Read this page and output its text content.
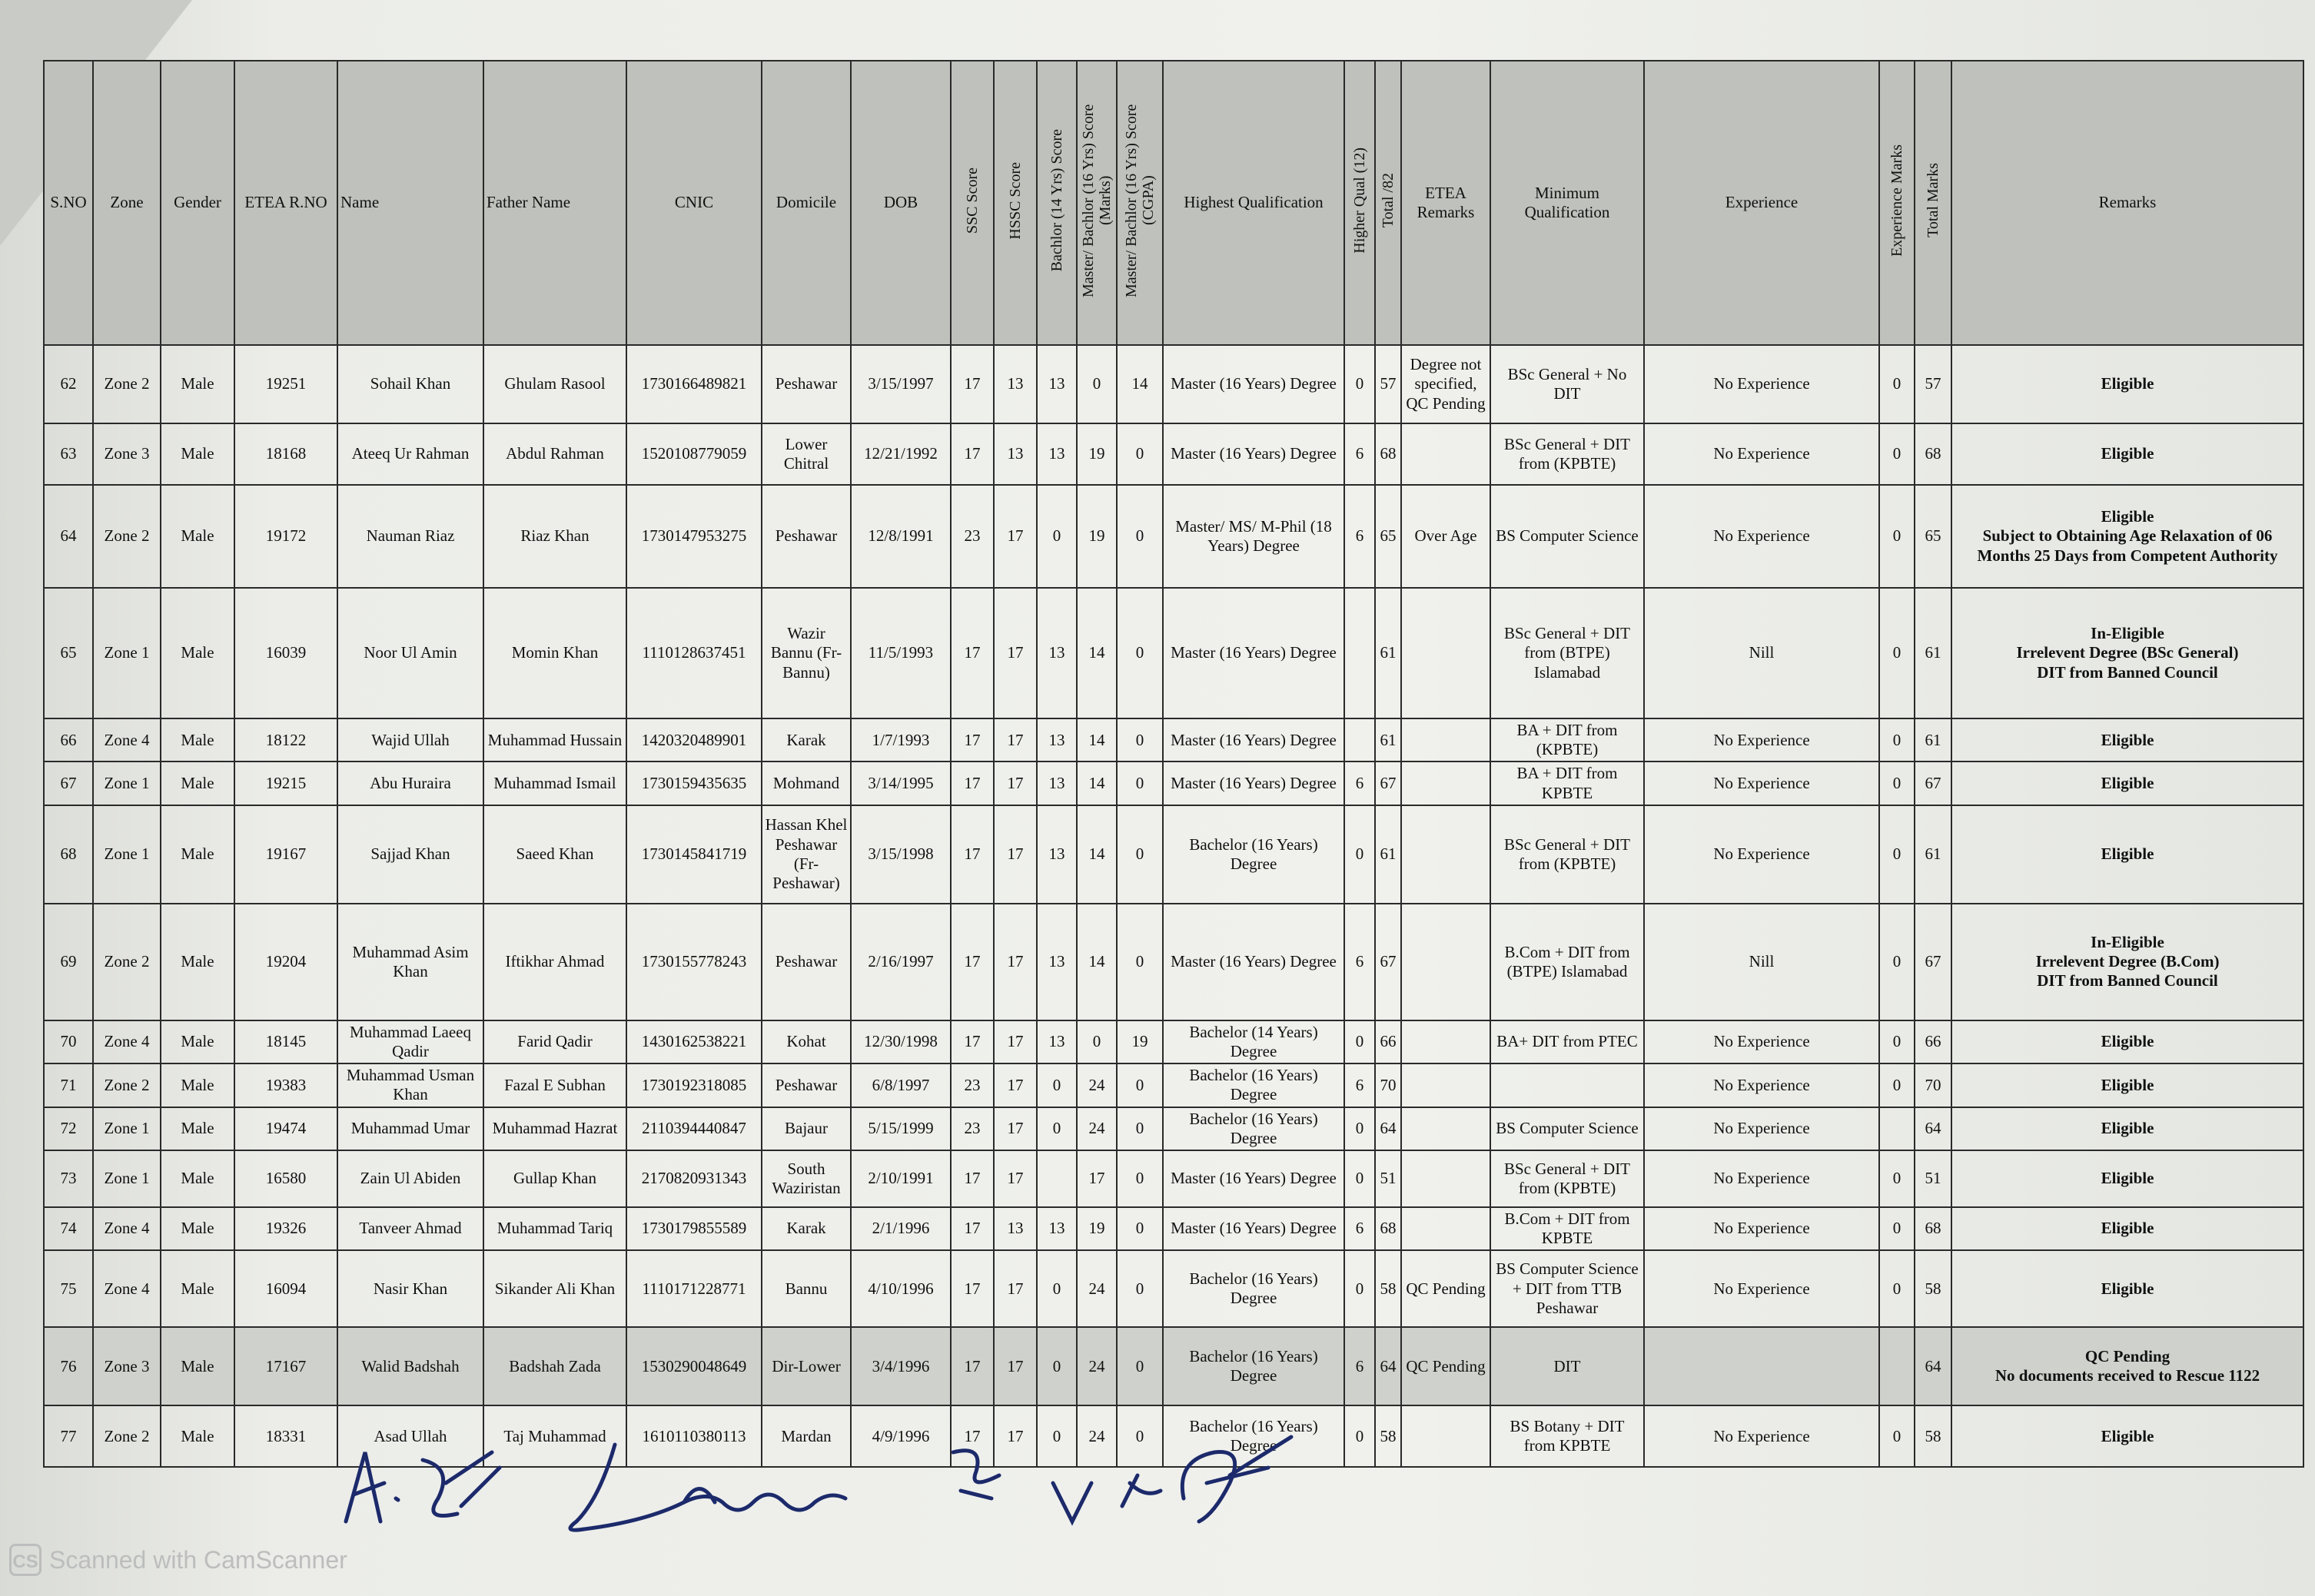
S.NO	Zone	Gender	ETEA R.NO	Name	Father Name	CNIC	Domicile	DOB	SSC Score	HSSC Score	Bachlor (14 Yrs) Score	Master/ Bachlor (16 Yrs) Score (Marks)	Master/ Bachlor (16 Yrs) Score (CGPA)	Highest Qualification	Higher Qual (12)	Total /82	ETEA Remarks	Minimum Qualification	Experience	Experience Marks	Total Marks	Remarks
62	Zone 2	Male	19251	Sohail Khan	Ghulam Rasool	1730166489821	Peshawar	3/15/1997	17	13	13	0	14	Master (16 Years) Degree	0	57	Degree not specified, QC Pending	BSc General + No DIT	No Experience	0	57	Eligible
63	Zone 3	Male	18168	Ateeq Ur Rahman	Abdul Rahman	1520108779059	Lower Chitral	12/21/1992	17	13	13	19	0	Master (16 Years) Degree	6	68		BSc General + DIT from (KPBTE)	No Experience	0	68	Eligible
64	Zone 2	Male	19172	Nauman Riaz	Riaz Khan	1730147953275	Peshawar	12/8/1991	23	17	0	19	0	Master/ MS/ M-Phil (18 Years) Degree	6	65	Over Age	BS Computer Science	No Experience	0	65	Eligible
Subject to Obtaining Age Relaxation of 06 Months 25 Days from Competent Authority
65	Zone 1	Male	16039	Noor Ul Amin	Momin Khan	1110128637451	Wazir Bannu (Fr-Bannu)	11/5/1993	17	17	13	14	0	Master (16 Years) Degree		61		BSc General + DIT from (BTPE) Islamabad	Nill	0	61	In-Eligible
Irrelevent Degree (BSc General)
DIT from Banned Council
66	Zone 4	Male	18122	Wajid Ullah	Muhammad Hussain	1420320489901	Karak	1/7/1993	17	17	13	14	0	Master (16 Years) Degree		61		BA + DIT from (KPBTE)	No Experience	0	61	Eligible
67	Zone 1	Male	19215	Abu Huraira	Muhammad Ismail	1730159435635	Mohmand	3/14/1995	17	17	13	14	0	Master (16 Years) Degree	6	67		BA + DIT from KPBTE	No Experience	0	67	Eligible
68	Zone 1	Male	19167	Sajjad Khan	Saeed Khan	1730145841719	Hassan Khel Peshawar (Fr-Peshawar)	3/15/1998	17	17	13	14	0	Bachelor (16 Years) Degree	0	61		BSc General + DIT from (KPBTE)	No Experience	0	61	Eligible
69	Zone 2	Male	19204	Muhammad Asim Khan	Iftikhar Ahmad	1730155778243	Peshawar	2/16/1997	17	17	13	14	0	Master (16 Years) Degree	6	67		B.Com + DIT from (BTPE) Islamabad	Nill	0	67	In-Eligible
Irrelevent Degree (B.Com)
DIT from Banned Council
70	Zone 4	Male	18145	Muhammad Laeeq Qadir	Farid Qadir	1430162538221	Kohat	12/30/1998	17	17	13	0	19	Bachelor (14 Years) Degree	0	66		BA+ DIT from PTEC	No Experience	0	66	Eligible
71	Zone 2	Male	19383	Muhammad Usman Khan	Fazal E Subhan	1730192318085	Peshawar	6/8/1997	23	17	0	24	0	Bachelor (16 Years) Degree	6	70			No Experience	0	70	Eligible
72	Zone 1	Male	19474	Muhammad Umar	Muhammad Hazrat	2110394440847	Bajaur	5/15/1999	23	17	0	24	0	Bachelor (16 Years) Degree	0	64		BS Computer Science	No Experience		64	Eligible
73	Zone 1	Male	16580	Zain Ul Abiden	Gullap Khan	2170820931343	South Waziristan	2/10/1991	17	17		17	0	Master (16 Years) Degree	0	51		BSc General + DIT from (KPBTE)	No Experience	0	51	Eligible
74	Zone 4	Male	19326	Tanveer Ahmad	Muhammad Tariq	1730179855589	Karak	2/1/1996	17	13	13	19	0	Master (16 Years) Degree	6	68		B.Com + DIT from KPBTE	No Experience	0	68	Eligible
75	Zone 4	Male	16094	Nasir Khan	Sikander Ali Khan	1110171228771	Bannu	4/10/1996	17	17	0	24	0	Bachelor (16 Years) Degree	0	58	QC Pending	BS Computer Science + DIT from TTB Peshawar	No Experience	0	58	Eligible
76	Zone 3	Male	17167	Walid Badshah	Badshah Zada	1530290048649	Dir-Lower	3/4/1996	17	17	0	24	0	Bachelor (16 Years) Degree	6	64	QC Pending	DIT			64	QC Pending
No documents received to Rescue 1122
77	Zone 2	Male	18331	Asad Ullah	Taj Muhammad	1610110380113	Mardan	4/9/1996	17	17	0	24	0	Bachelor (16 Years) Degree	0	58		BS Botany + DIT from KPBTE	No Experience	0	58	Eligible
CS Scanned with CamScanner
